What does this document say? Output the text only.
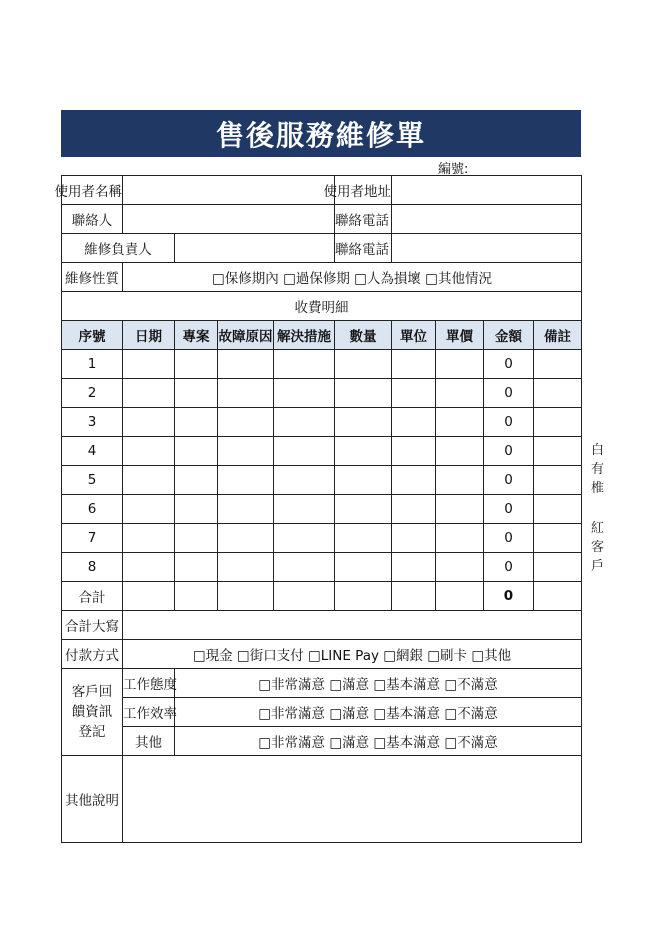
售後服務維修單
編號:
使用者名稱					使用者地址				

聯絡人					聯絡電話				

維修負責人					聯絡電話				

維修性質	□保修期內 □過保修期 □人為損壞 □其他情況								
收費明細									
序號	日期	專案	故障原因	解決措施	數量	單位	單價	金額	備註
1								0	
2								0	
3								0	
4								0	
5								0	
6								0	
7								0	
8								0	
合計								0	
合計大寫									
付款方式	□現金 □街口支付 □LINE Pay □網銀 □刷卡 □其他								

客戶回饋資訊登記	工作態度	□非常滿意 □滿意 □基本滿意 □不滿意							

	工作效率	□非常滿意 □滿意 □基本滿意 □不滿意							
	其他	□非常滿意 □滿意 □基本滿意 □不滿意							
其他說明									
白
有
椎
紅
客
戶
